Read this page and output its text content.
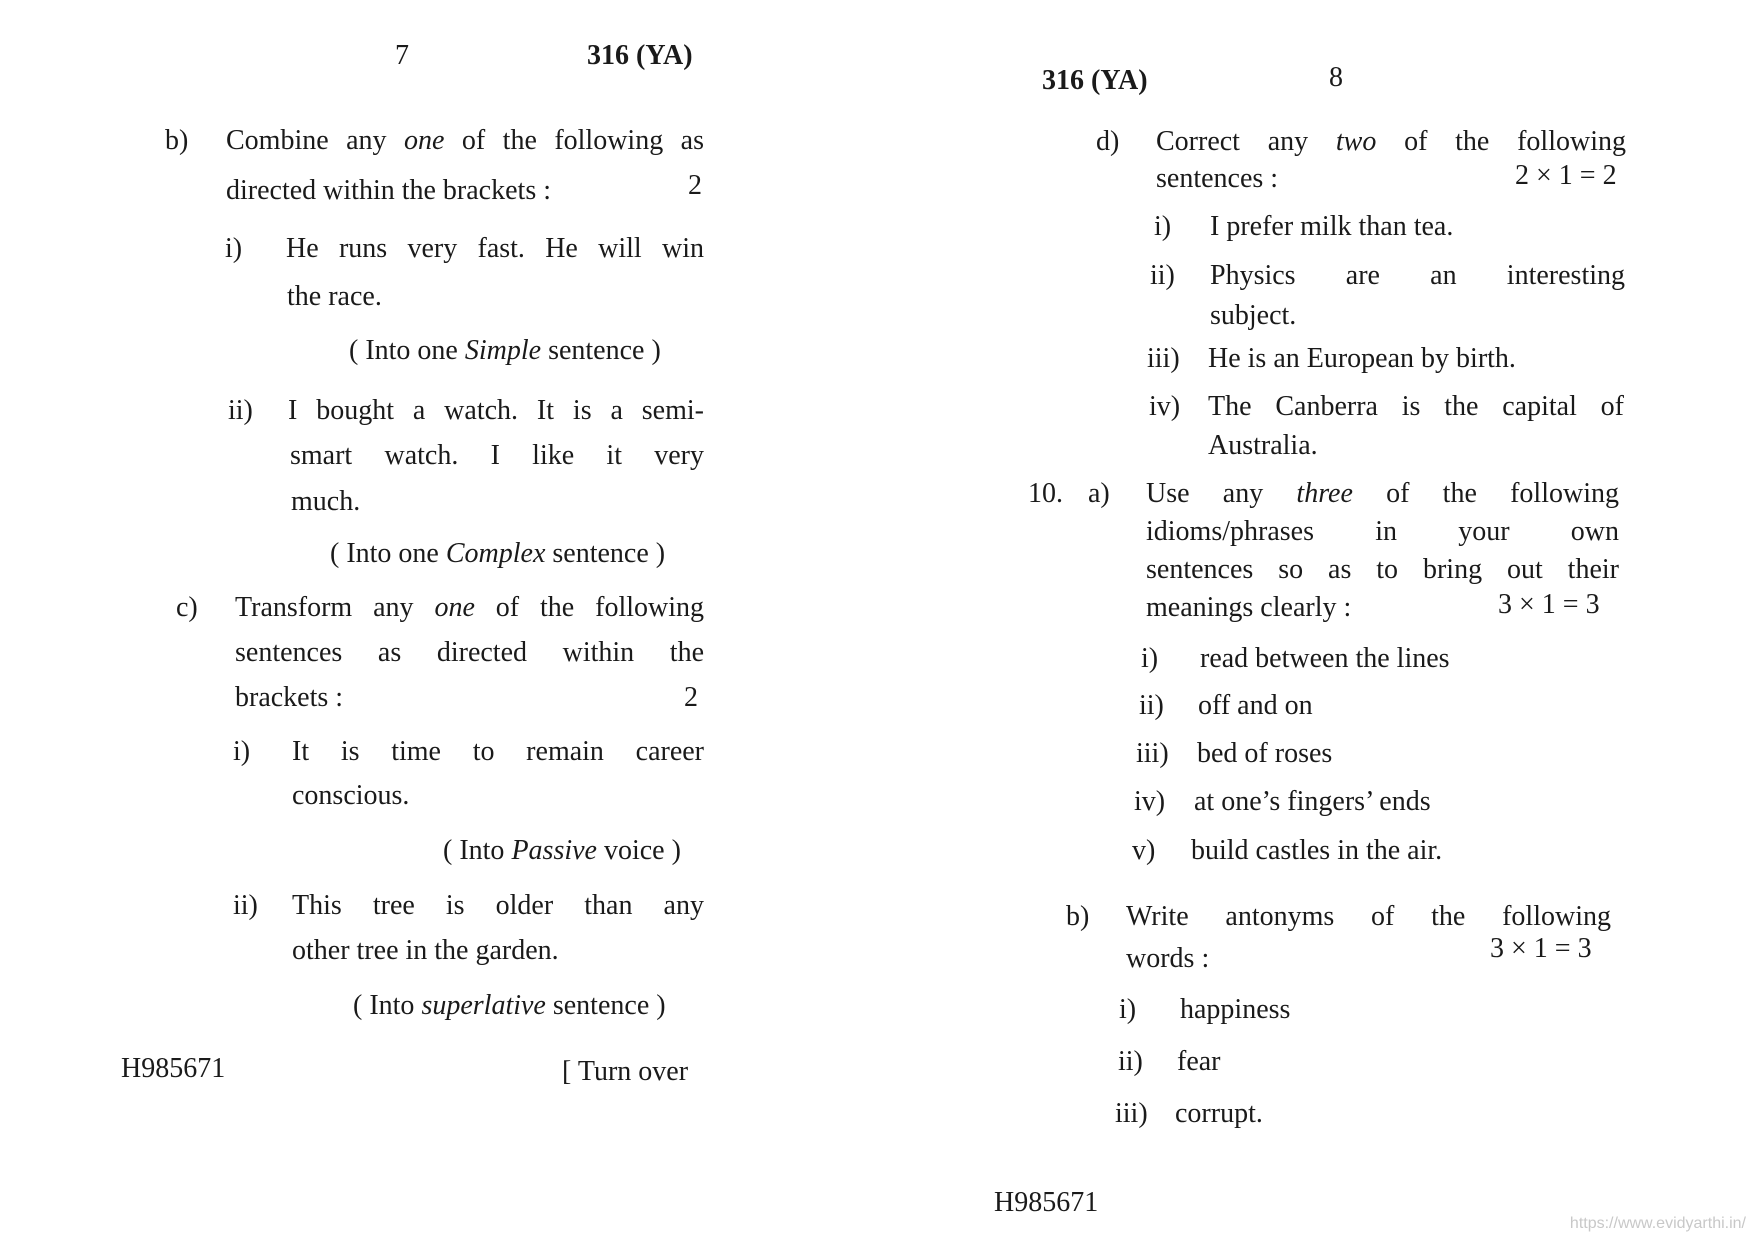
7	316 (YA)
b) Combine any one of the following as
directed within the brackets :	2
i) He runs very fast. He will win
the race.
( Into one Simple sentence )
ii) I bought a watch. It is a semi-
smart watch. I like it very
much.
( Into one Complex sentence )
c) Transform any one of the following
sentences as directed within the
brackets :	2
i) It is time to remain career
conscious.
( Into Passive voice )
ii) This tree is older than any
other tree in the garden.
( Into superlative sentence )
H985671	[ Turn over
316 (YA)	8
d) Correct any two of the following
sentences :	2 × 1 = 2
i) I prefer milk than tea.
ii) Physics are an interesting
subject.
iii) He is an European by birth.
iv) The Canberra is the capital of
Australia.
10. a) Use any three of the following
idioms/phrases in your own
sentences so as to bring out their
meanings clearly :	3 × 1 = 3
i) read between the lines
ii) off and on
iii) bed of roses
iv) at one’s fingers’ ends
v) build castles in the air.
b) Write antonyms of the following
words :	3 × 1 = 3
i) happiness
ii) fear
iii) corrupt.
H985671
https://www.evidyarthi.in/
